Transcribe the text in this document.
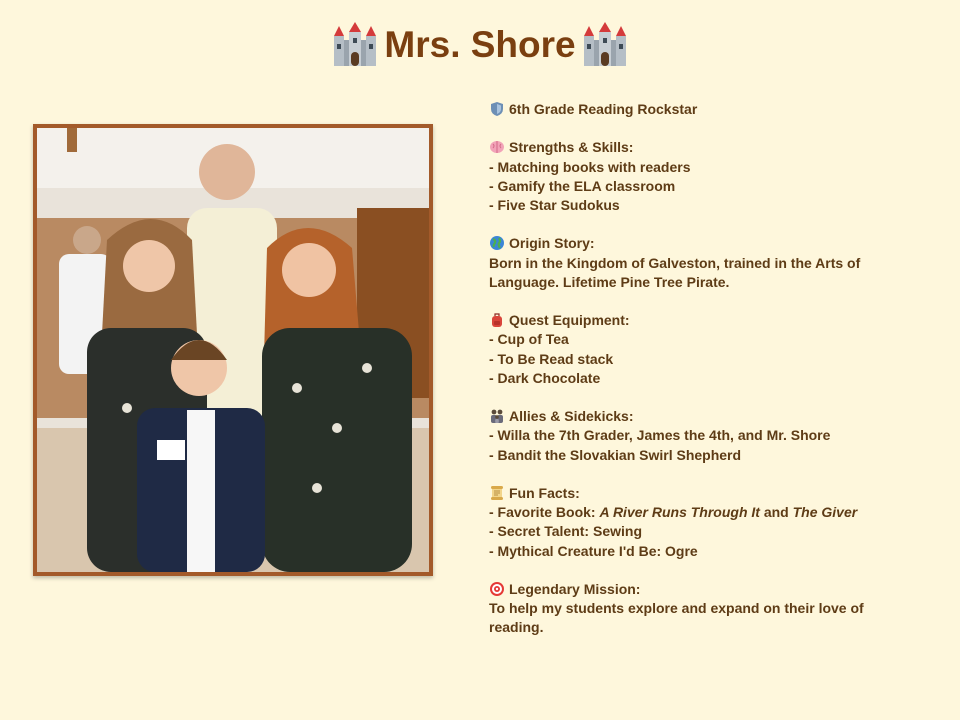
Mrs. Shore
6th Grade Reading Rockstar
Strengths & Skills:
- Matching books with readers
- Gamify the ELA classroom
- Five Star Sudokus
Origin Story:
Born in the Kingdom of Galveston, trained in the Arts of Language. Lifetime Pine Tree Pirate.
Quest Equipment:
- Cup of Tea
- To Be Read stack
- Dark Chocolate
Allies & Sidekicks:
- Willa the 7th Grader, James the 4th, and Mr. Shore
- Bandit the Slovakian Swirl Shepherd
Fun Facts:
- Favorite Book: A River Runs Through It and The Giver
- Secret Talent: Sewing
- Mythical Creature I'd Be: Ogre
Legendary Mission:
To help my students explore and expand on their love of reading.
